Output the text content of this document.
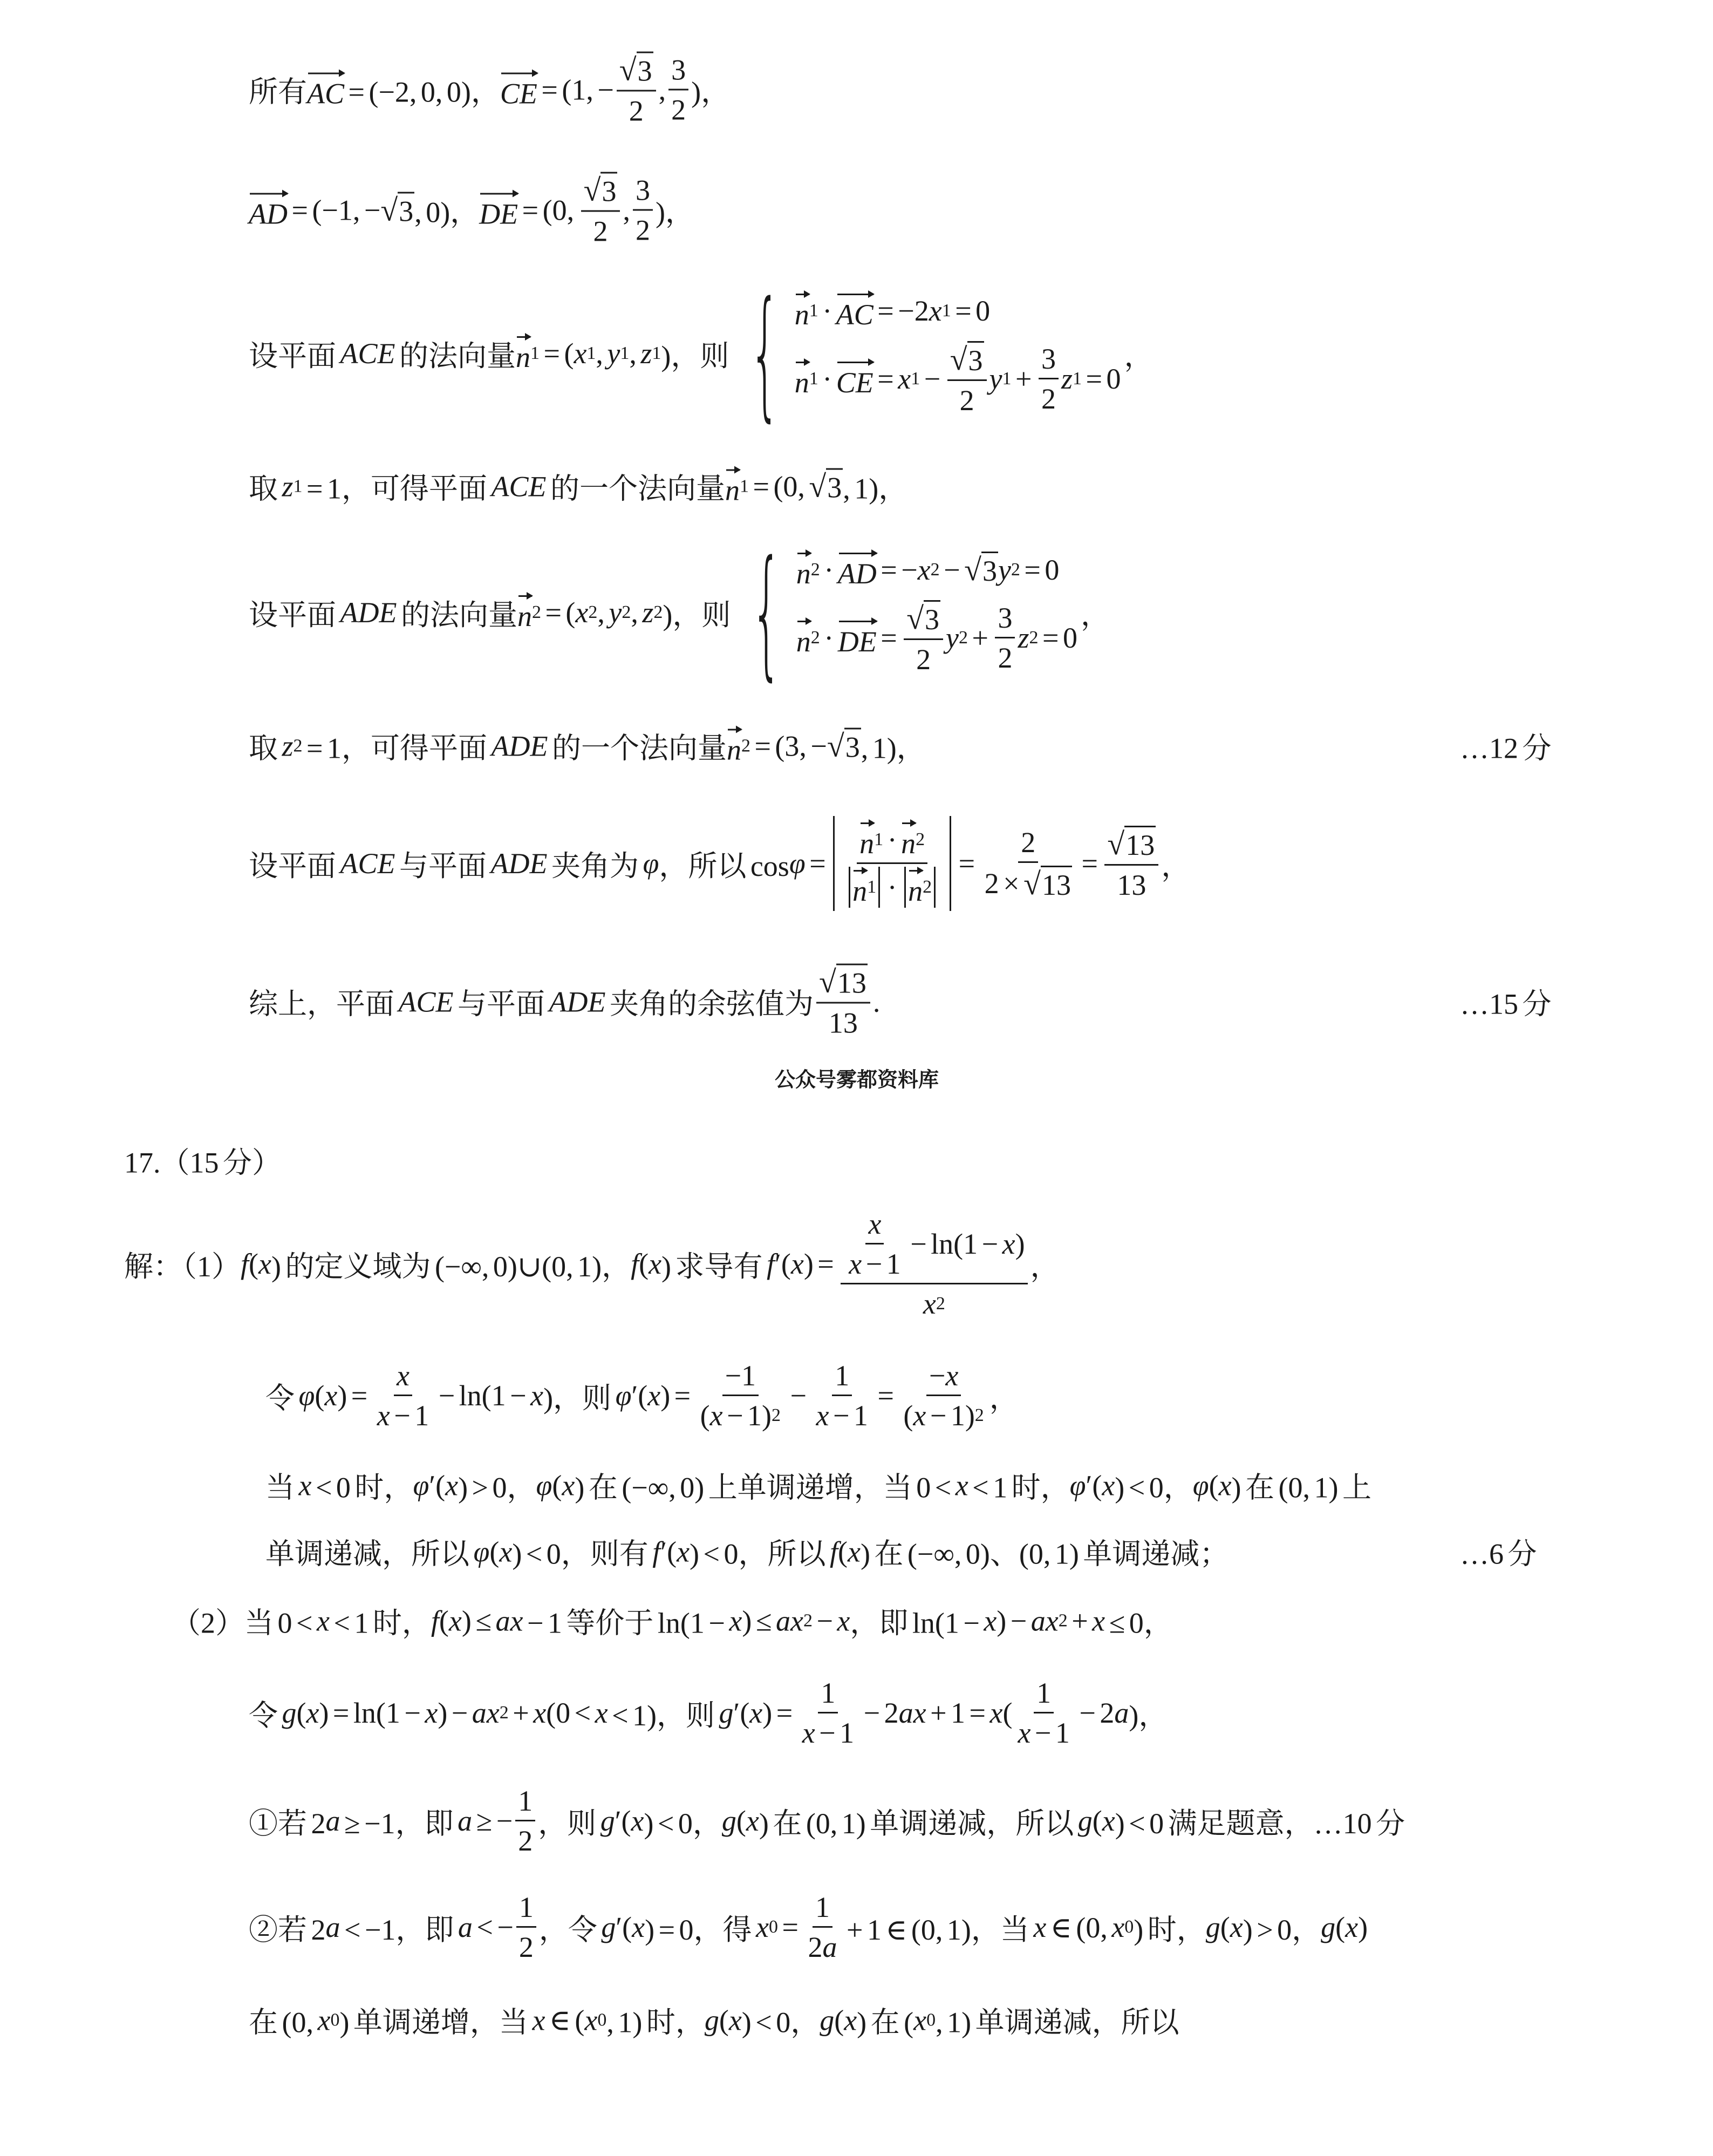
所有 AC = (−2, 0, 0)， CE = (1, − $\frac{√ 3}{2}$ , $\frac{3}{2}$ )，
AD = (−1, − √ 3 , 0)， DE = (0, $\frac{√ 3}{2}$ , $\frac{3}{2}$ )，
设平面 ACE 的法向量 n 1 = ( x 1 , y 1 , z 1 )，则 { n 1 · AC = −2 x 1 = 0
n 1 · CE = x $1 - \frac{√ 3}{2}$ y $1 + \frac{3}{2}$ z 1 = 0
，
取 z 1 = 1，可得平面 ACE 的一个法向量 n 1 = (0, √ 3 , 1)，
设平面 ADE 的法向量 n 2 = ( x 2 , y 2 , z 2 )，则 { n 2 · AD = − x 2 − √ 3 y 2 = 0
n 2 · DE = $\frac{√ 3}{2}$ y $2 + \frac{3}{2}$ z 2 = 0
，
取 z 2 = 1，可得平面 ADE 的一个法向量 n 2 = (3, − √ 3 , 1)，	…12 分
设平面 ACE 与平面 ADE 夹角为 φ ，所以 $\cos \varphi = \frac{n 1 \cdot n 2}{n 1 \cdot n 2} = \frac{2}{2 \times √ 13} = \frac{√ 13}{13}$ ，
综上，平面 ACE 与平面 ADE 夹角的余弦值为 $\frac{√ 13}{13}$ .	…15 分
公众号雾都资料库
17.（15 分）
解：（1） f ( x ) 的定义域为 (−∞, 0)∪(0, 1)， f ( x ) 求导有 f ′( x ) = $\frac{\frac{x}{x - 1} - \ln(1 - x )}{x 2}$ ，
令 φ ( x ) = $\frac{x}{x - 1} - \ln(1 - x$ )，则 φ ′( x ) = $\frac{-1}{( x - 1) 2} - \frac{1}{x - 1} = \frac{- x}{( x - 1) 2}$ ，
当 x < 0 时， φ ′( x ) > 0， φ ( x ) 在 (−∞, 0) 上单调递增，当 0 < x < 1 时， φ ′( x ) < 0， φ ( x ) 在 (0, 1) 上
单调递减，所以 φ ( x ) < 0，则有 f ′( x ) < 0，所以 f ( x ) 在 (−∞, 0)、(0, 1) 单调递减；	…6 分
（2）当 0 < x < 1 时， f ( x ) ≤ ax − 1 等价于 ln(1 − x ) ≤ ax 2 − x ，即 ln(1 − x ) − ax 2 + x ≤ 0，
令 g ( x ) = ln(1 − x ) − ax 2 + x (0 < x < 1)，则 g ′( x ) = $\frac{1}{x - 1} - 2$ ax + 1 = x ( $\frac{1}{x - 1} - 2$ a )，
①若 2 a ≥ −1，即 a ≥ − $\frac{1}{2}$ ，则 g ′( x ) < 0， g ( x ) 在 (0, 1) 单调递减，所以 g ( x ) < 0 满足题意，…10 分
②若 2 a < −1，即 a < − $\frac{1}{2}$ ，令 g ′( x ) = 0，得 x $0 = \frac{1}{2 a} + 1$ ∈ (0, 1)，当 x ∈ (0, x 0 ) 时， g ( x ) > 0， g ( x )
在 (0, x 0 ) 单调递增，当 x ∈ ( x 0 , 1) 时， g ( x ) < 0， g ( x ) 在 ( x 0 , 1) 单调递减，所以
